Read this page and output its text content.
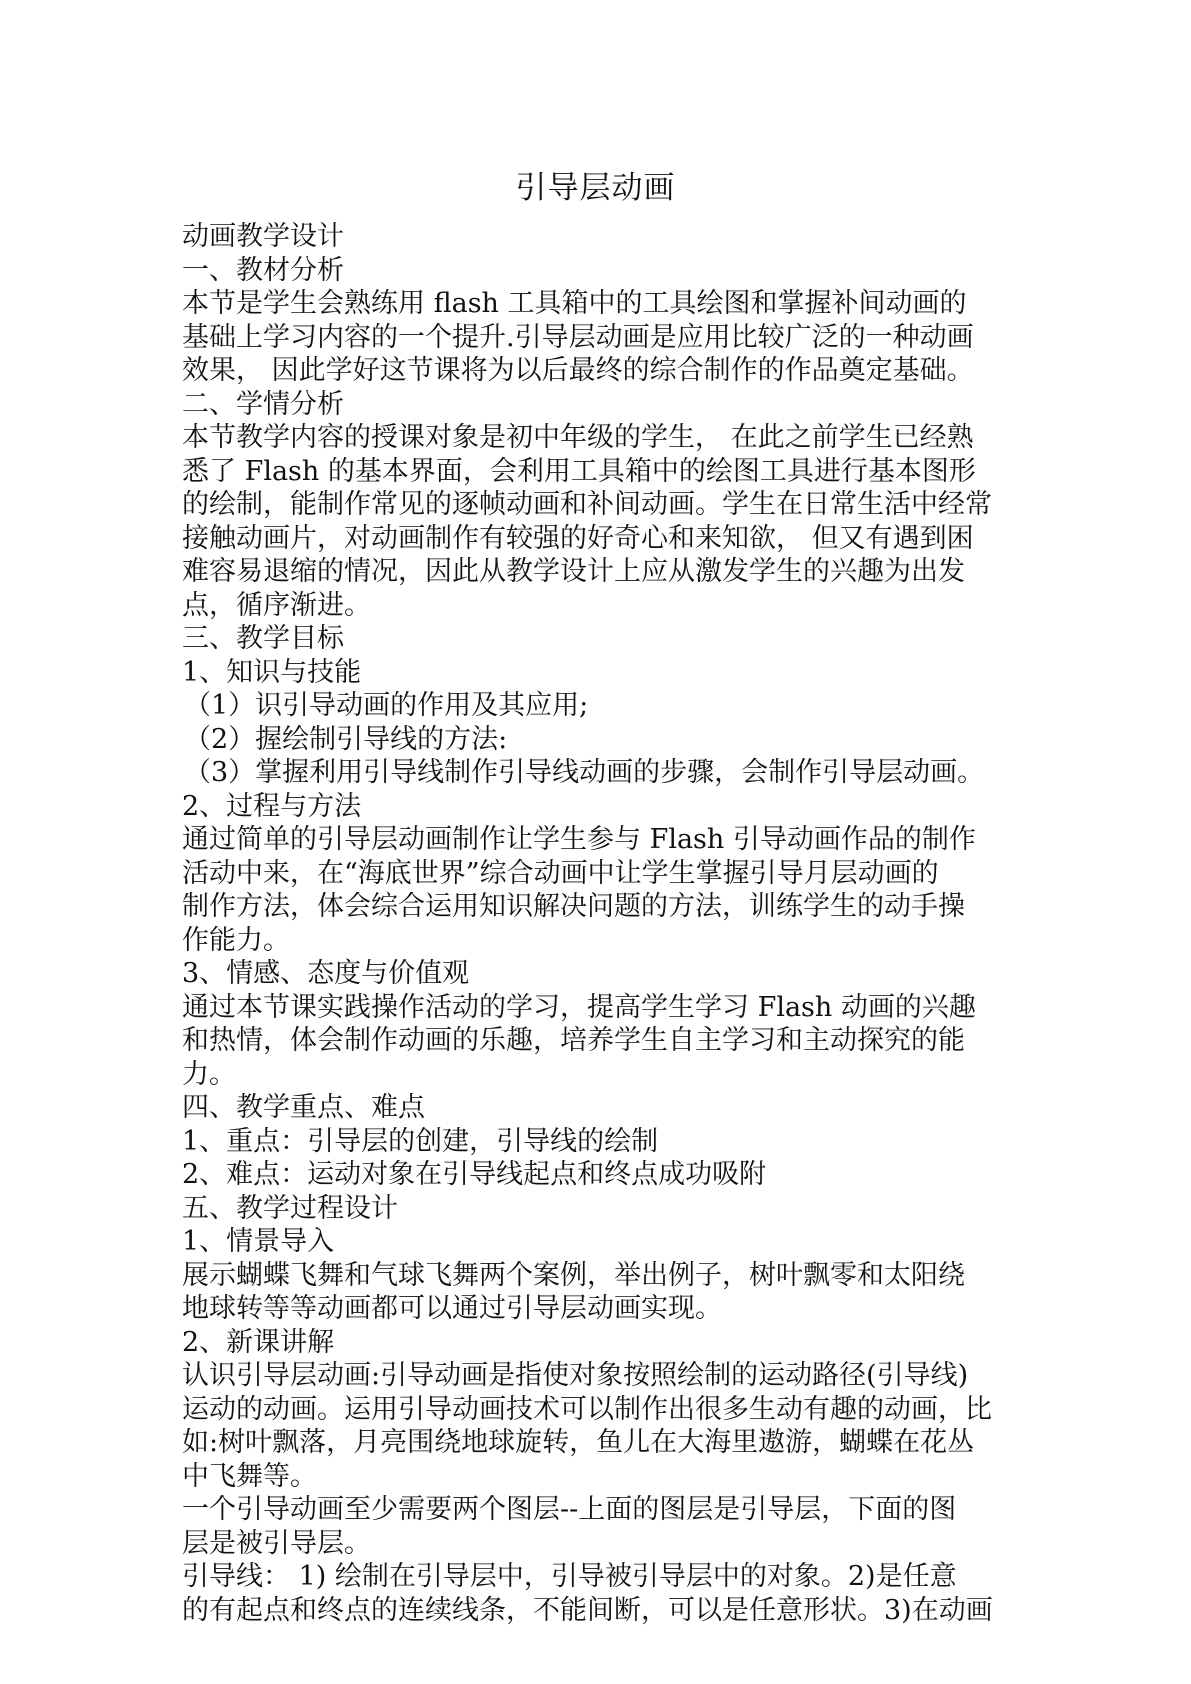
引导层动画
动画教学设计
一、教材分析
本节是学生会熟练用 flash 工具箱中的工具绘图和掌握补间动画的
基础上学习内容的一个提升.引导层动画是应用比较广泛的一种动画
效果， 因此学好这节课将为以后最终的综合制作的作品奠定基础。
二、学情分析
本节教学内容的授课对象是初中年级的学生， 在此之前学生已经熟
悉了 Flash 的基本界面，会利用工具箱中的绘图工具进行基本图形
的绘制，能制作常见的逐帧动画和补间动画。学生在日常生活中经常
接触动画片，对动画制作有较强的好奇心和来知欲， 但又有遇到困
难容易退缩的情况，因此从教学设计上应从激发学生的兴趣为出发
点，循序渐进。
三、教学目标
1、知识与技能
（1）识引导动画的作用及其应用;
（2）握绘制引导线的方法:
（3）掌握利用引导线制作引导线动画的步骤，会制作引导层动画。
2、过程与方法
通过简单的引导层动画制作让学生参与 Flash 引导动画作品的制作
活动中来，在“海底世界”综合动画中让学生掌握引导月层动画的
制作方法，体会综合运用知识解决问题的方法，训练学生的动手操
作能力。
3、情感、态度与价值观
通过本节课实践操作活动的学习，提高学生学习 Flash 动画的兴趣
和热情，体会制作动画的乐趣，培养学生自主学习和主动探究的能
力。
四、教学重点、难点
1、重点：引导层的创建，引导线的绘制
2、难点：运动对象在引导线起点和终点成功吸附
五、教学过程设计
1、情景导入
展示蝴蝶飞舞和气球飞舞两个案例，举出例子，树叶飘零和太阳绕
地球转等等动画都可以通过引导层动画实现。
2、新课讲解
认识引导层动画:引导动画是指使对象按照绘制的运动路径(引导线)
运动的动画。运用引导动画技术可以制作出很多生动有趣的动画，比
如:树叶飘落，月亮围绕地球旋转，鱼儿在大海里遨游，蝴蝶在花丛
中飞舞等。
一个引导动画至少需要两个图层--上面的图层是引导层，下面的图
层是被引导层。
引导线： 1) 绘制在引导层中，引导被引导层中的对象。2)是任意
的有起点和终点的连续线条，不能间断，可以是任意形状。3)在动画
